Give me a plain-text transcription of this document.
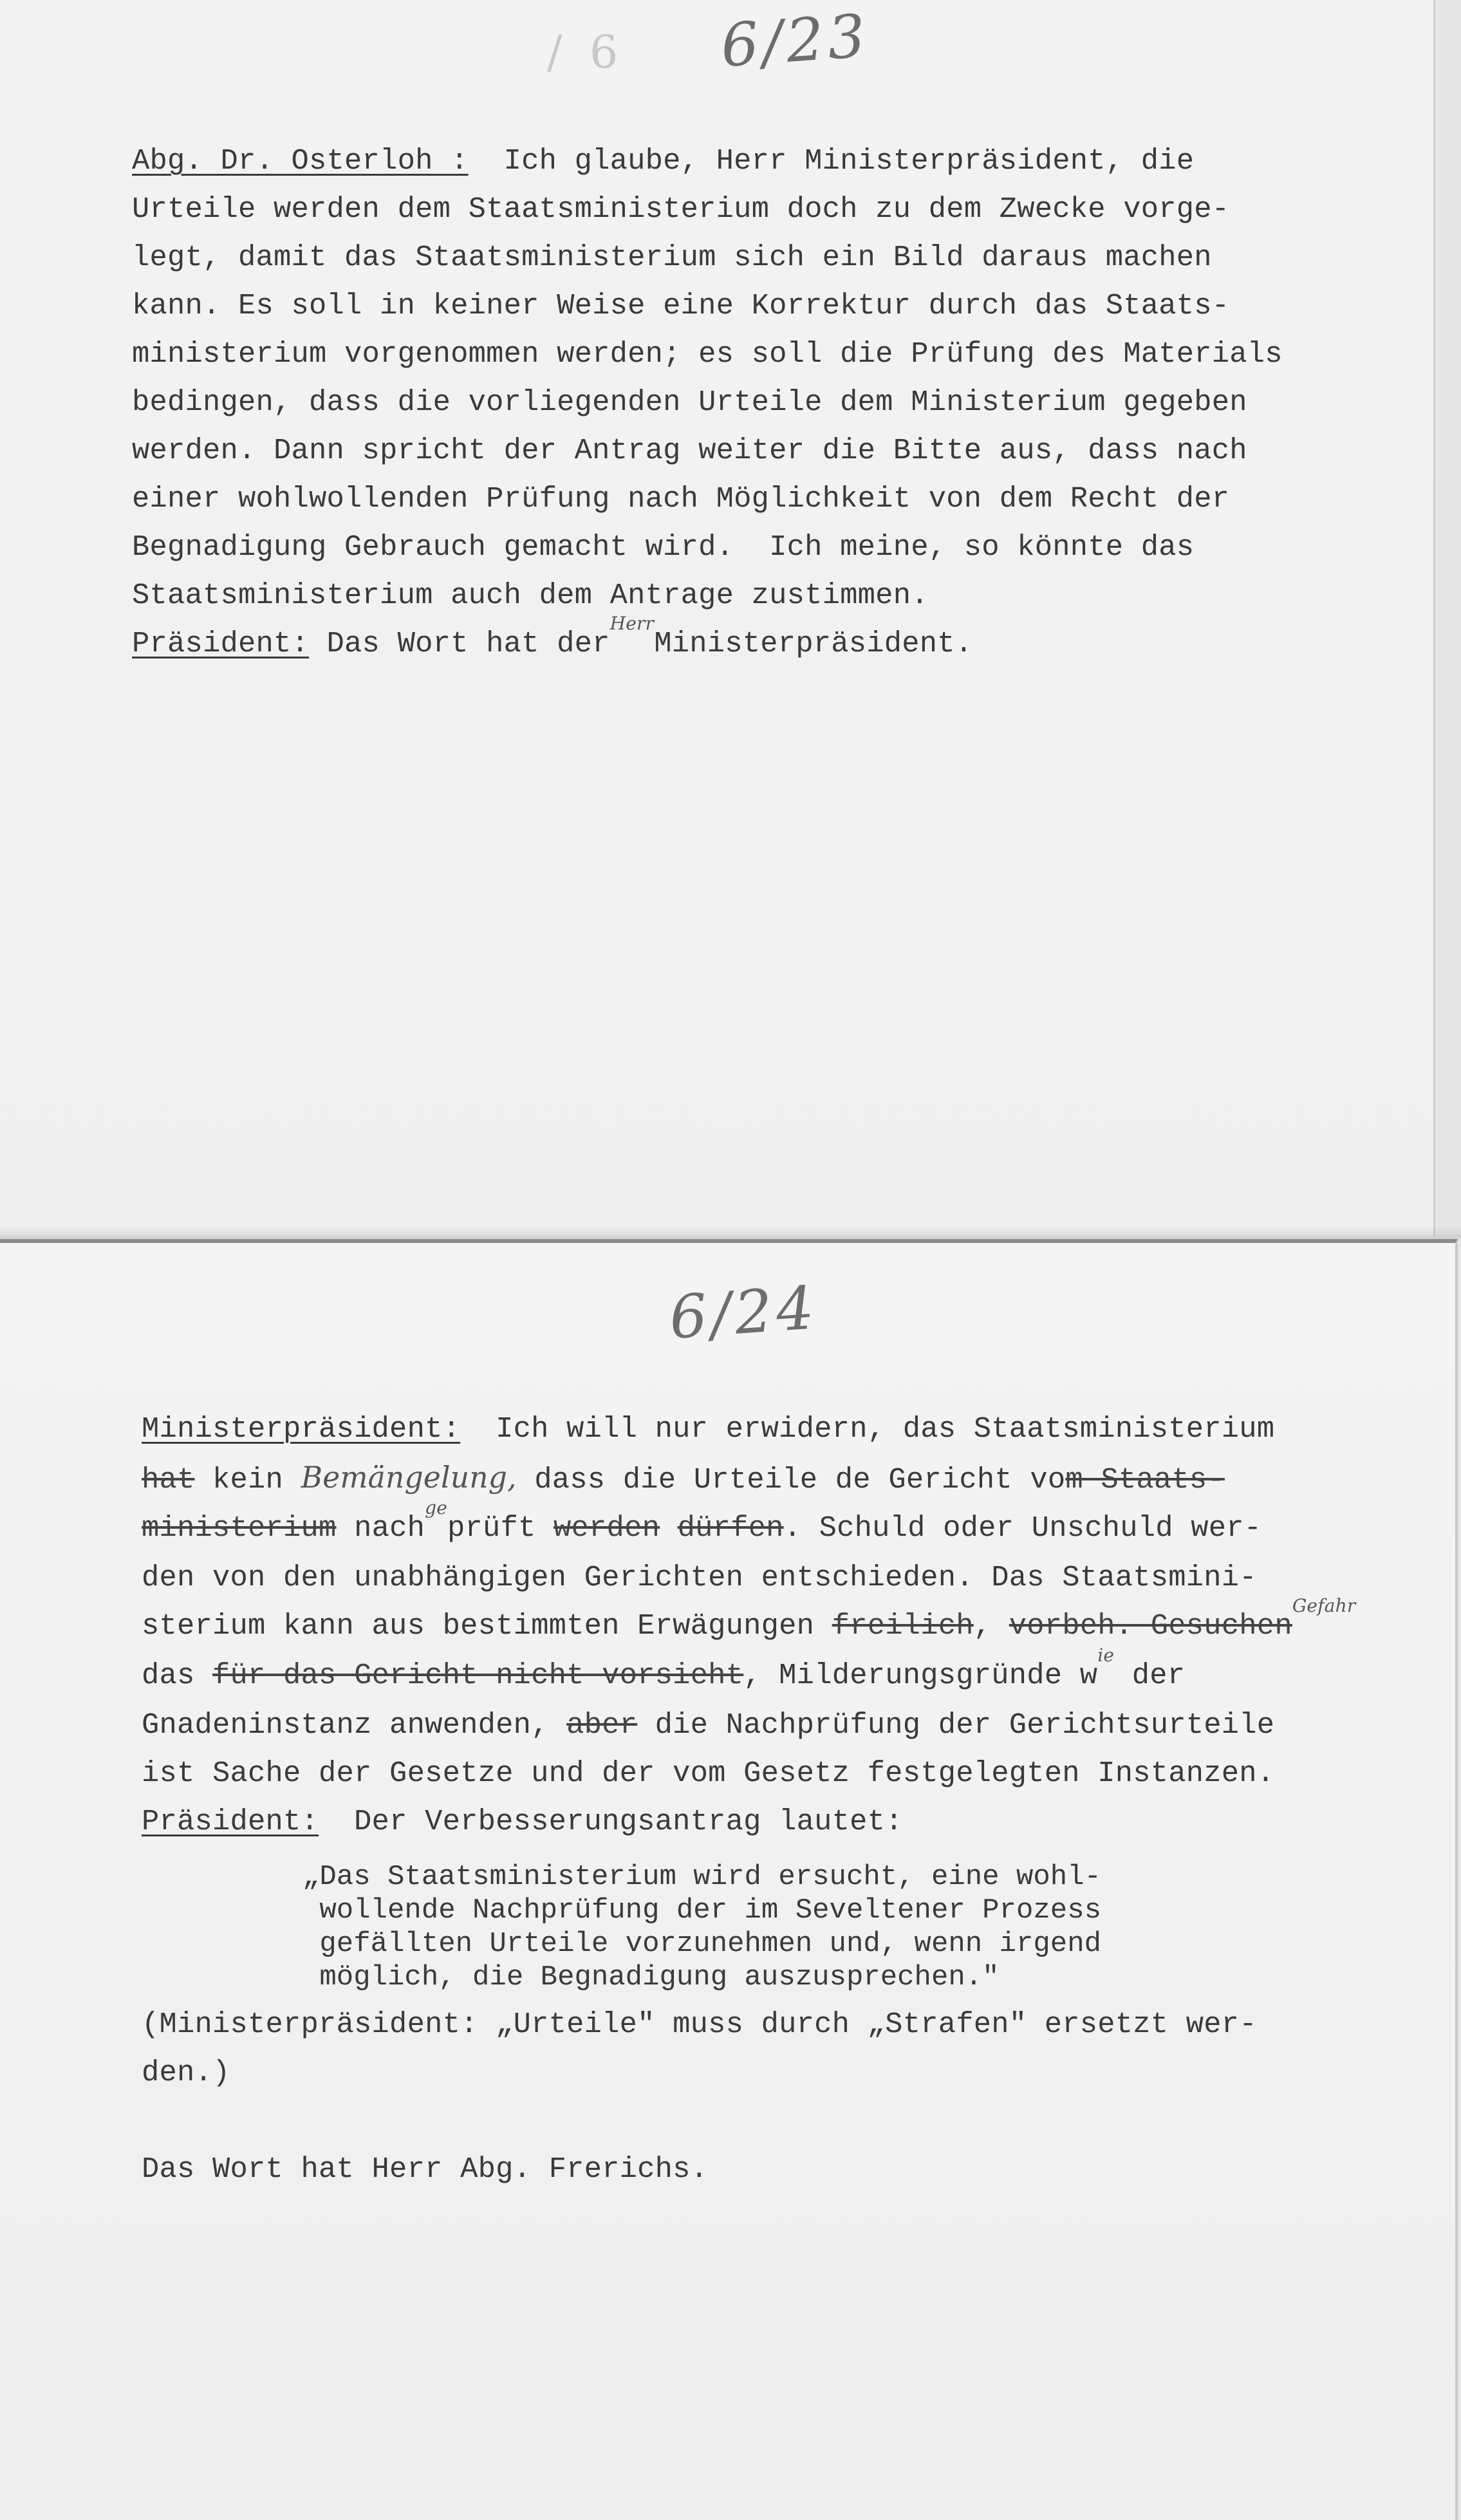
/ 6 6/23
Abg. Dr. Osterloh :  Ich glaube, Herr Ministerpräsident, die
Urteile werden dem Staatsministerium doch zu dem Zwecke vorge-
legt, damit das Staatsministerium sich ein Bild daraus machen
kann. Es soll in keiner Weise eine Korrektur durch das Staats-
ministerium vorgenommen werden; es soll die Prüfung des Materials
bedingen, dass die vorliegenden Urteile dem Ministerium gegeben
werden. Dann spricht der Antrag weiter die Bitte aus, dass nach
einer wohlwollenden Prüfung nach Möglichkeit von dem Recht der
Begnadigung Gebrauch gemacht wird.  Ich meine, so könnte das
Staatsministerium auch dem Antrage zustimmen.
Präsident: Das Wort hat der$^{Herr}$Ministerpräsident.
6/24
Ministerpräsident:  Ich will nur erwidern, das Staatsministerium
hat kein Bemängelung, dass die Urteile de Gericht vom Staats-
ministerium nach$^{ge}$prüft werden dürfen. Schuld oder Unschuld wer-
den von den unabhängigen Gerichten entschieden. Das Staatsmini-
sterium kann aus bestimmten Erwägungen freilich, vorbeh. Gesuchen$^{Gefahr}$
das für das Gericht nicht vorsieht, Milderungsgründe $w^{ie}$ der
Gnadeninstanz anwenden, aber die Nachprüfung der Gerichtsurteile
ist Sache der Gesetze und der vom Gesetz festgelegten Instanzen.
Präsident:  Der Verbesserungsantrag lautet:
„Das Staatsministerium wird ersucht, eine wohl-
wollende Nachprüfung der im Seveltener Prozess
gefällten Urteile vorzunehmen und, wenn irgend
möglich, die Begnadigung auszusprechen."
(Ministerpräsident: „Urteile" muss durch „Strafen" ersetzt wer-
den.)

Das Wort hat Herr Abg. Frerichs.
